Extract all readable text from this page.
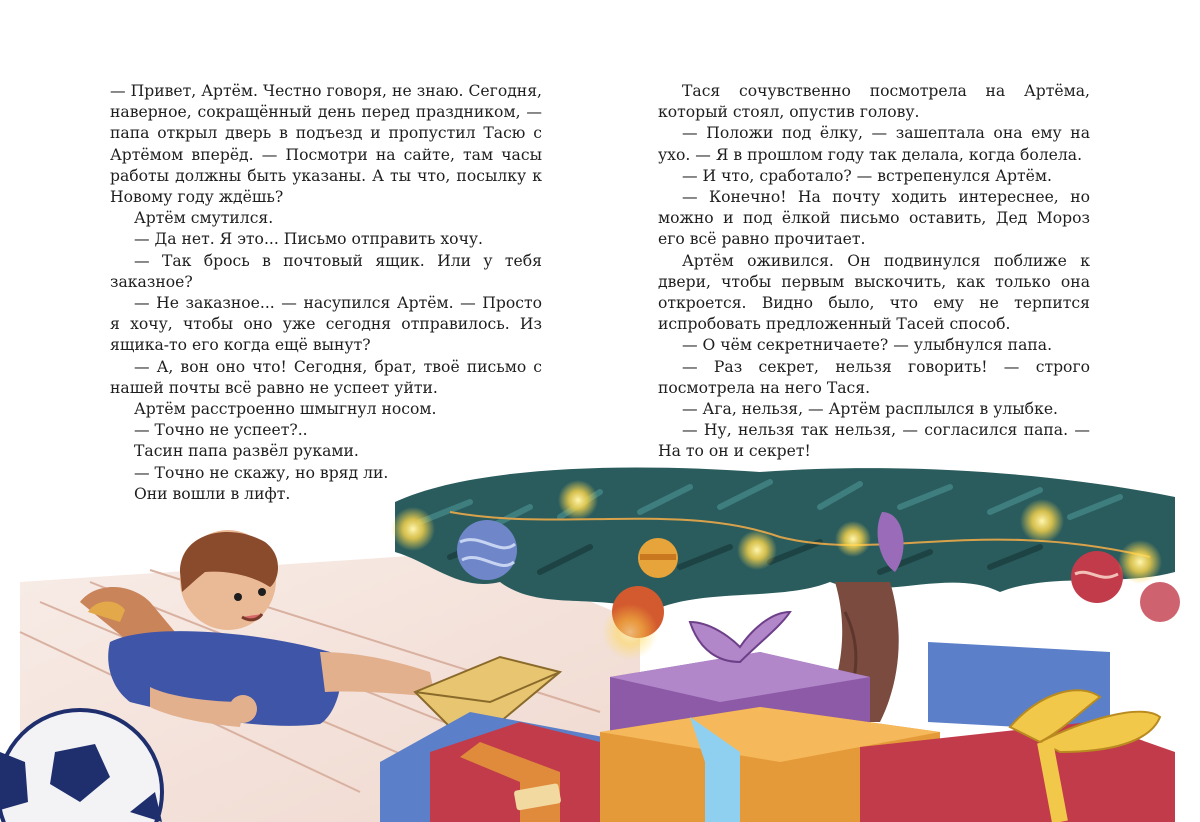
— Привет, Артём. Честно говоря, не знаю. Сегодня, наверное, сокращённый день перед праздником, — папа открыл дверь в подъезд и пропустил Тасю с Артёмом вперёд. — Посмотри на сайте, там часы работы должны быть указаны. А ты что, посылку к Новому году ждёшь?

Артём смутился.

— Да нет. Я это... Письмо отправить хочу.

— Так брось в почтовый ящик. Или у тебя заказное?

— Не заказное... — насупился Артём. — Просто я хочу, чтобы оно уже сегодня отправилось. Из ящика-то его когда ещё вынут?

— А, вон оно что! Сегодня, брат, твоё письмо с нашей почты всё равно не успеет уйти.

Артём расстроенно шмыгнул носом.

— Точно не успеет?..

Тасин папа развёл руками.

— Точно не скажу, но вряд ли.

Они вошли в лифт.

Тася сочувственно посмотрела на Артёма, который стоял, опустив голову.

— Положи под ёлку, — зашептала она ему на ухо. — Я в прошлом году так делала, когда болела.

— И что, сработало? — встрепенулся Артём.

— Конечно! На почту ходить интереснее, но можно и под ёлкой письмо оставить, Дед Мороз его всё равно прочитает.

Артём оживился. Он подвинулся поближе к двери, чтобы первым выскочить, как только она откроется. Видно было, что ему не терпится испробовать предложенный Тасей способ.

— О чём секретничаете? — улыбнулся папа.

— Раз секрет, нельзя говорить! — строго посмотрела на него Тася.

— Ага, нельзя, — Артём расплылся в улыбке.

— Ну, нельзя так нельзя, — согласился папа. — На то он и секрет!
